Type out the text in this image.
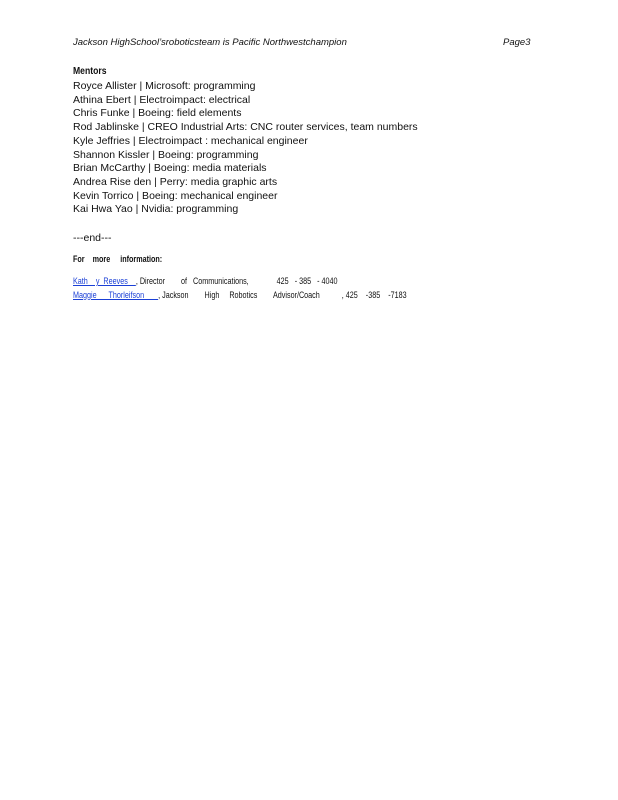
Jackson HighSchool’sroboticsteam is Pacific Northwestchampion	Page3
Mentors
Royce Allister | Microsoft: programming
Athina Ebert | Electroimpact: electrical
Chris Funke | Boeing: field elements
Rod Jablinske | CREO Industrial Arts: CNC router services, team numbers
Kyle Jeffries | Electroimpact : mechanical engineer
Shannon Kissler | Boeing: programming
Brian McCarthy | Boeing: media materials
Andrea Rise den | Perry: media graphic arts
Kevin Torrico | Boeing: mechanical engineer
Kai Hwa Yao | Nvidia: programming
---end---
For    more     information:
Kath    y  Reeves    , Director        of   Communications,              425   - 385   - 4040
Maggie      Thorleifson       , Jackson        High     Robotics        Advisor/Coach           , 425    -385    -7183
